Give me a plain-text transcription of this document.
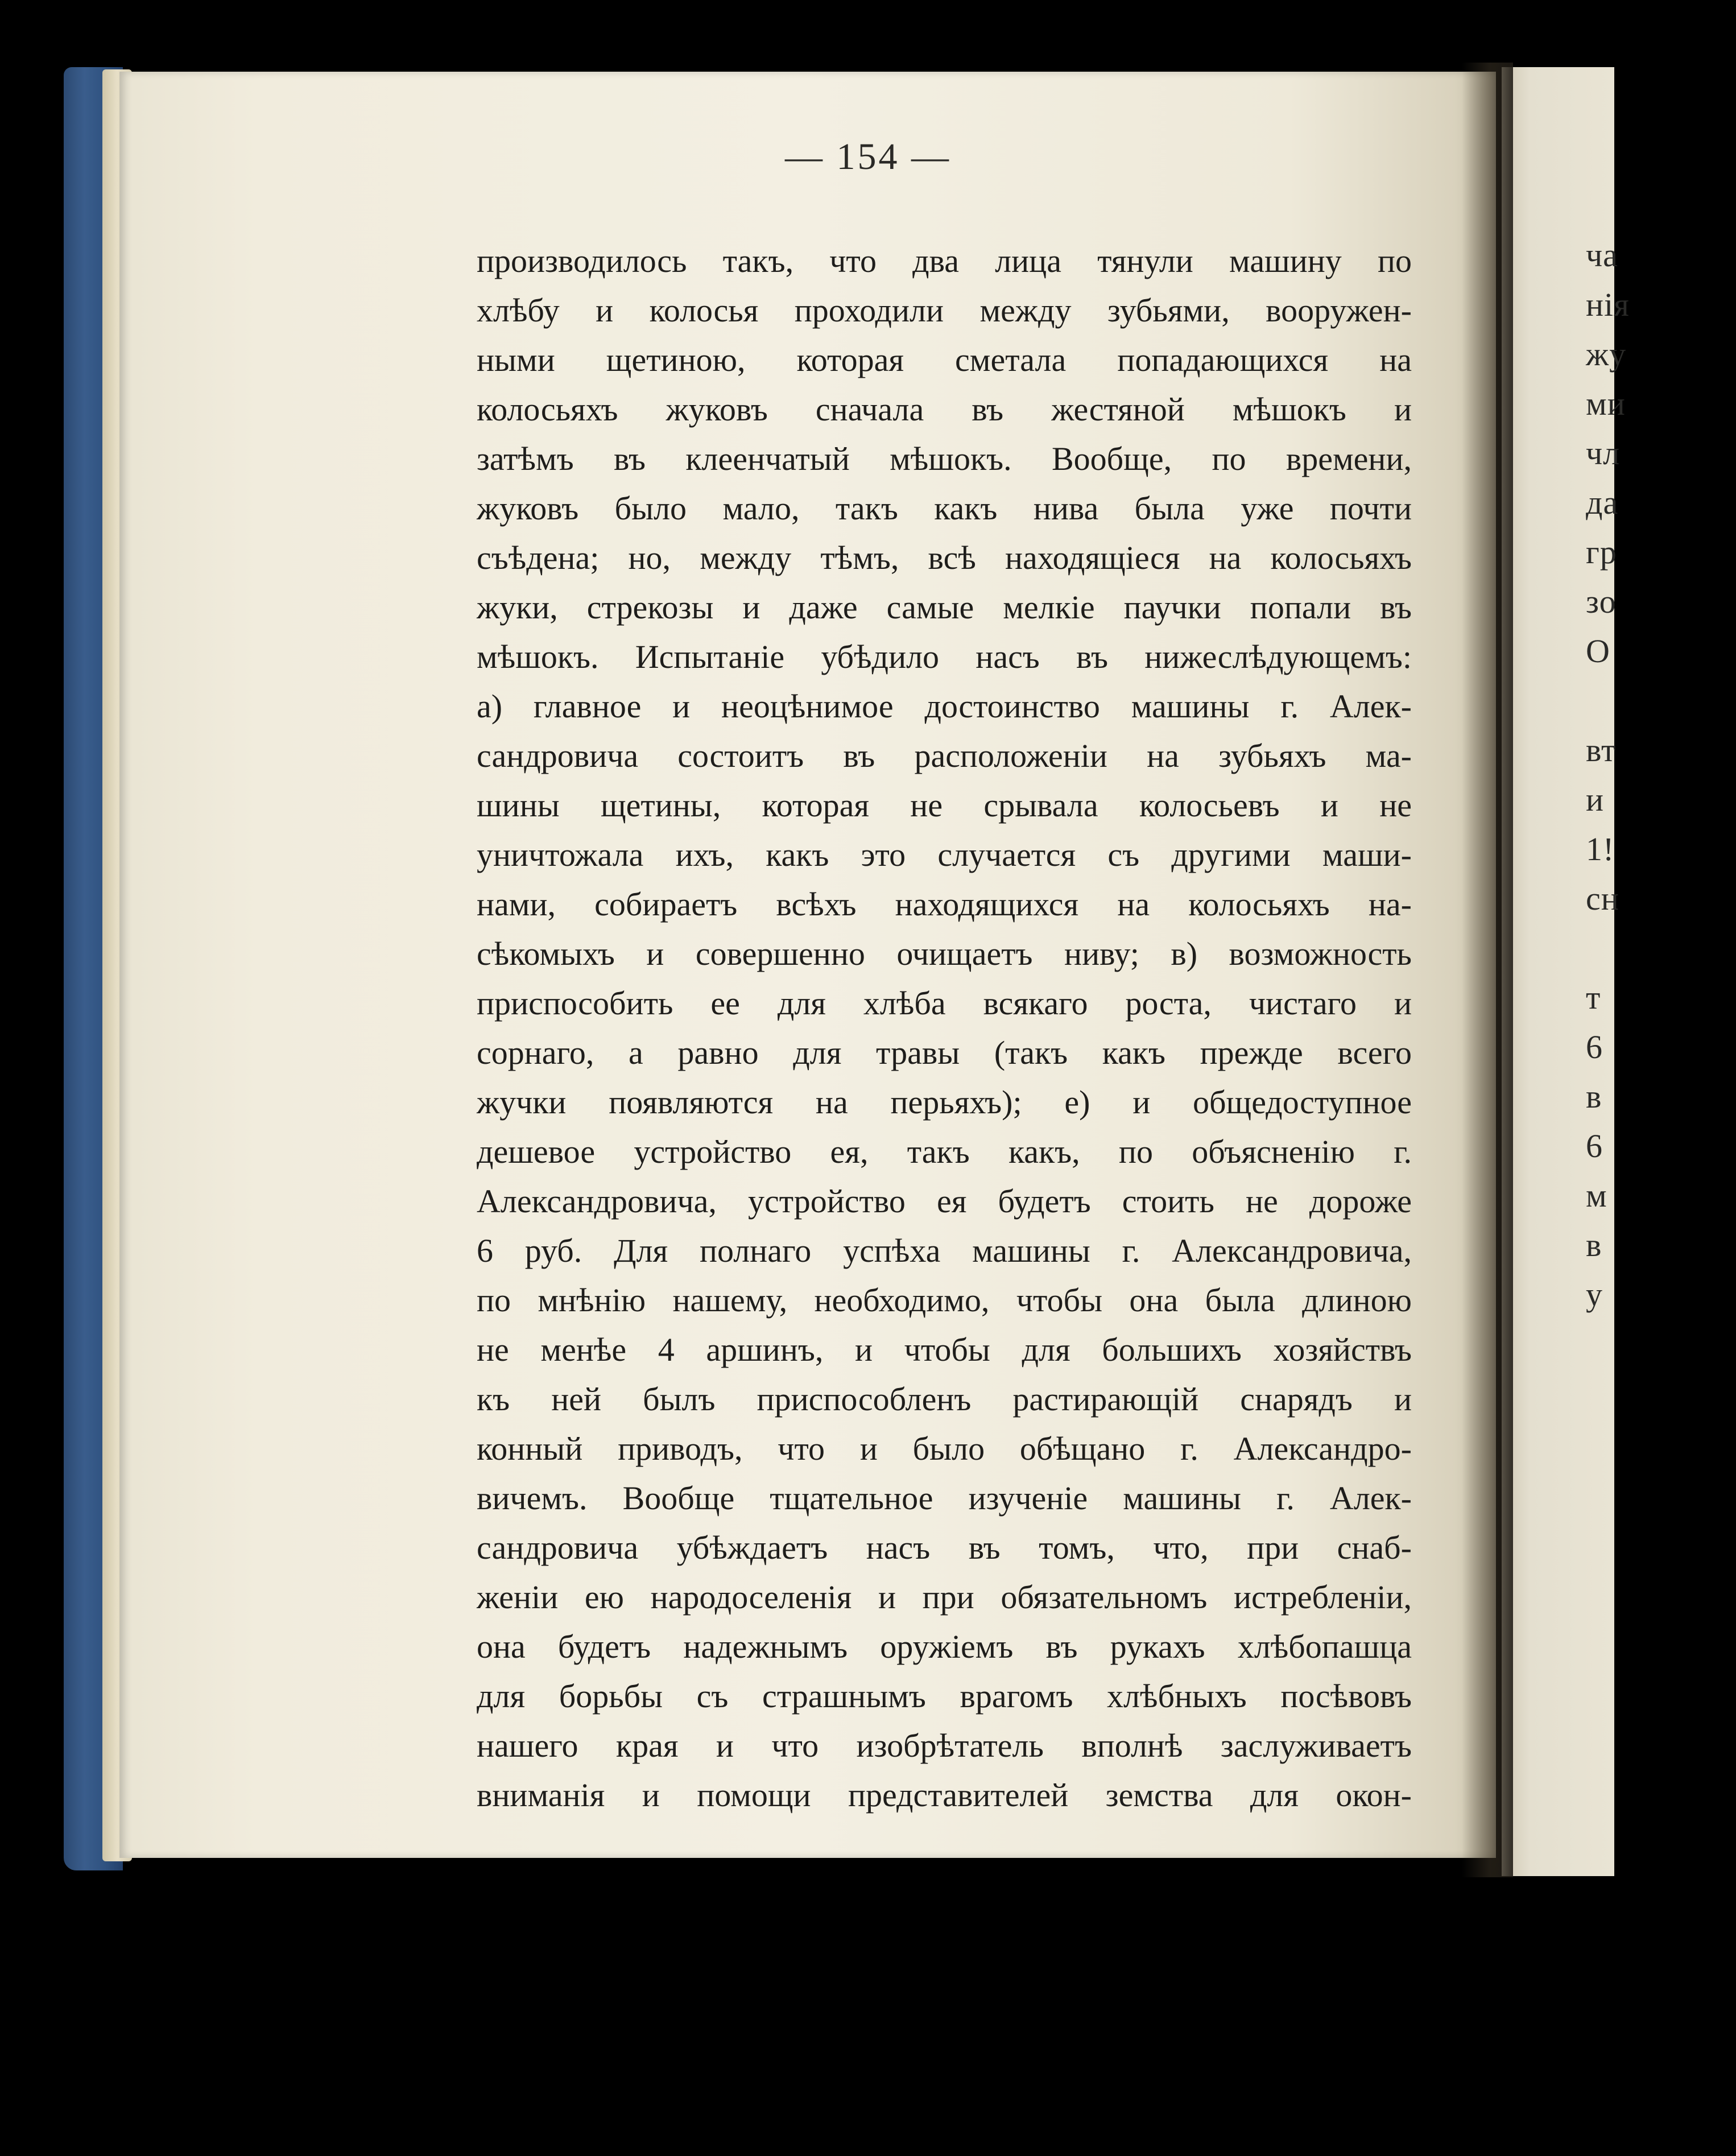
— 154 —
производилось такъ, что два лица тянули машину по
хлѣбу и колосья проходили между зубьями, вооружен-
ными щетиною, которая сметала попадающихся на
колосьяхъ жуковъ сначала въ жестяной мѣшокъ и
затѣмъ въ клеенчатый мѣшокъ. Вообще, по времени,
жуковъ было мало, такъ какъ нива была уже почти
съѣдена; но, между тѣмъ, всѣ находящіеся на колосьяхъ
жуки, стрекозы и даже самые мелкіе паучки попали въ
мѣшокъ. Испытаніе убѣдило насъ въ нижеслѣдующемъ:
а) главное и неоцѣнимое достоинство машины г. Алек-
сандровича состоитъ въ расположеніи на зубьяхъ ма-
шины щетины, которая не срывала колосьевъ и не
уничтожала ихъ, какъ это случается съ другими маши-
нами, собираетъ всѣхъ находящихся на колосьяхъ на-
сѣкомыхъ и совершенно очищаетъ ниву; в) возможность
приспособить ее для хлѣба всякаго роста, чистаго и
сорнаго, а равно для травы (такъ какъ прежде всего
жучки появляются на перьяхъ); е) и общедоступное
дешевое устройство ея, такъ какъ, по объясненію г.
Александровича, устройство ея будетъ стоить не дороже
6 руб. Для полнаго успѣха машины г. Александровича,
по мнѣнію нашему, необходимо, чтобы она была длиною
не менѣе 4 аршинъ, и чтобы для большихъ хозяйствъ
къ ней былъ приспособленъ растирающій снарядъ и
конный приводъ, что и было обѣщано г. Александро-
вичемъ. Вообще тщательное изученіе машины г. Алек-
сандровича убѣждаетъ насъ въ томъ, что, при снаб-
женіи ею народоселенія и при обязательномъ истребленіи,
она будетъ надежнымъ оружіемъ въ рукахъ хлѣбопашца
для борьбы съ страшнымъ врагомъ хлѣбныхъ посѣвовъ
нашего края и что изобрѣтатель вполнѣ заслуживаетъ
вниманія и помощи представителей земства для окон-
ча
нія
жу
ми
чл
да
гр
зо
О
вт
и
1!
сн
т
6
в
6
м
в
у
